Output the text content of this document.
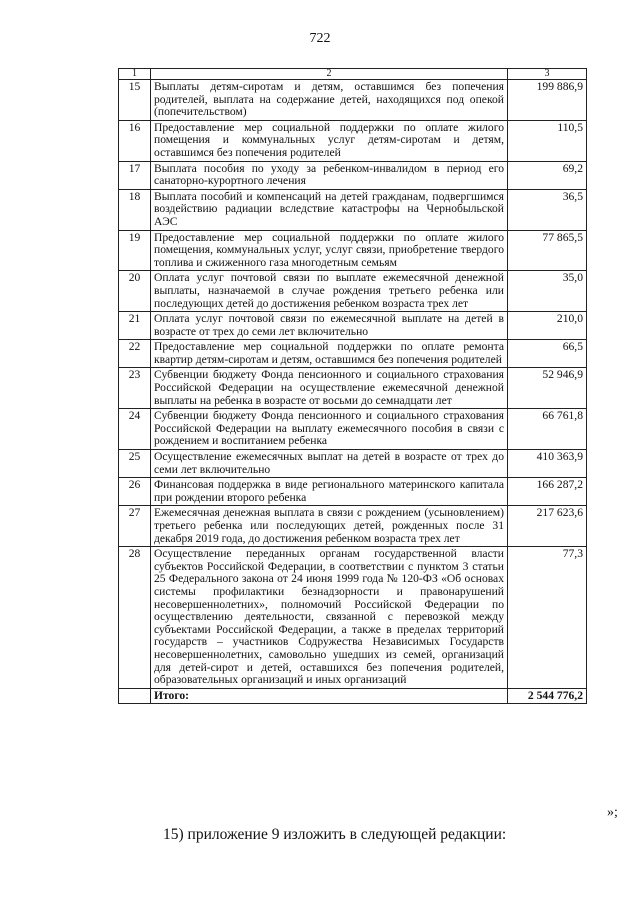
722
1	2	3
15	Выплаты детям-сиротам и детям, оставшимся без попечения родителей, выплата на содержание детей, находящихся под опекой (попечительством)	199 886,9
16	Предоставление мер социальной поддержки по оплате жилого помещения и коммунальных услуг детям-сиротам и детям, оставшимся без попечения родителей	110,5
17	Выплата пособия по уходу за ребенком-инвалидом в период его санаторно-курортного лечения	69,2
18	Выплата пособий и компенсаций на детей гражданам, подвергшимся воздействию радиации вследствие катастрофы на Чернобыльской АЭС	36,5
19	Предоставление мер социальной поддержки по оплате жилого помещения, коммунальных услуг, услуг связи, приобретение твердого топлива и сжиженного газа многодетным семьям	77 865,5
20	Оплата услуг почтовой связи по выплате ежемесячной денежной выплаты, назначаемой в случае рождения третьего ребенка или последующих детей до достижения ребенком возраста трех лет	35,0
21	Оплата услуг почтовой связи по ежемесячной выплате на детей в возрасте от трех до семи лет включительно	210,0
22	Предоставление мер социальной поддержки по оплате ремонта квартир детям-сиротам и детям, оставшимся без попечения родителей	66,5
23	Субвенции бюджету Фонда пенсионного и социального страхования Российской Федерации на осуществление ежемесячной денежной выплаты на ребенка в возрасте от восьми до семнадцати лет	52 946,9
24	Субвенции бюджету Фонда пенсионного и социального страхования Российской Федерации на выплату ежемесячного пособия в связи с рождением и воспитанием ребенка	66 761,8
25	Осуществление ежемесячных выплат на детей в возрасте от трех до семи лет включительно	410 363,9
26	Финансовая поддержка в виде регионального материнского капитала при рождении второго ребенка	166 287,2
27	Ежемесячная денежная выплата в связи с рождением (усыновлением) третьего ребенка или последующих детей, рожденных после 31 декабря 2019 года, до достижения ребенком возраста трех лет	217 623,6
28	Осуществление переданных органам государственной власти субъектов Российской Федерации, в соответствии с пунктом 3 статьи 25 Федерального закона от 24 июня 1999 года № 120-ФЗ «Об основах системы профилактики безнадзорности и правонарушений несовершеннолетних», полномочий Российской Федерации по осуществлению деятельности, связанной с перевозкой между субъектами Российской Федерации, а также в пределах территорий государств – участников Содружества Независимых Государств несовершеннолетних, самовольно ушедших из семей, организаций для детей-сирот и детей, оставшихся без попечения родителей, образовательных организаций и иных организаций	77,3
	Итого:	2 544 776,2
»;
15) приложение 9 изложить в следующей редакции:
